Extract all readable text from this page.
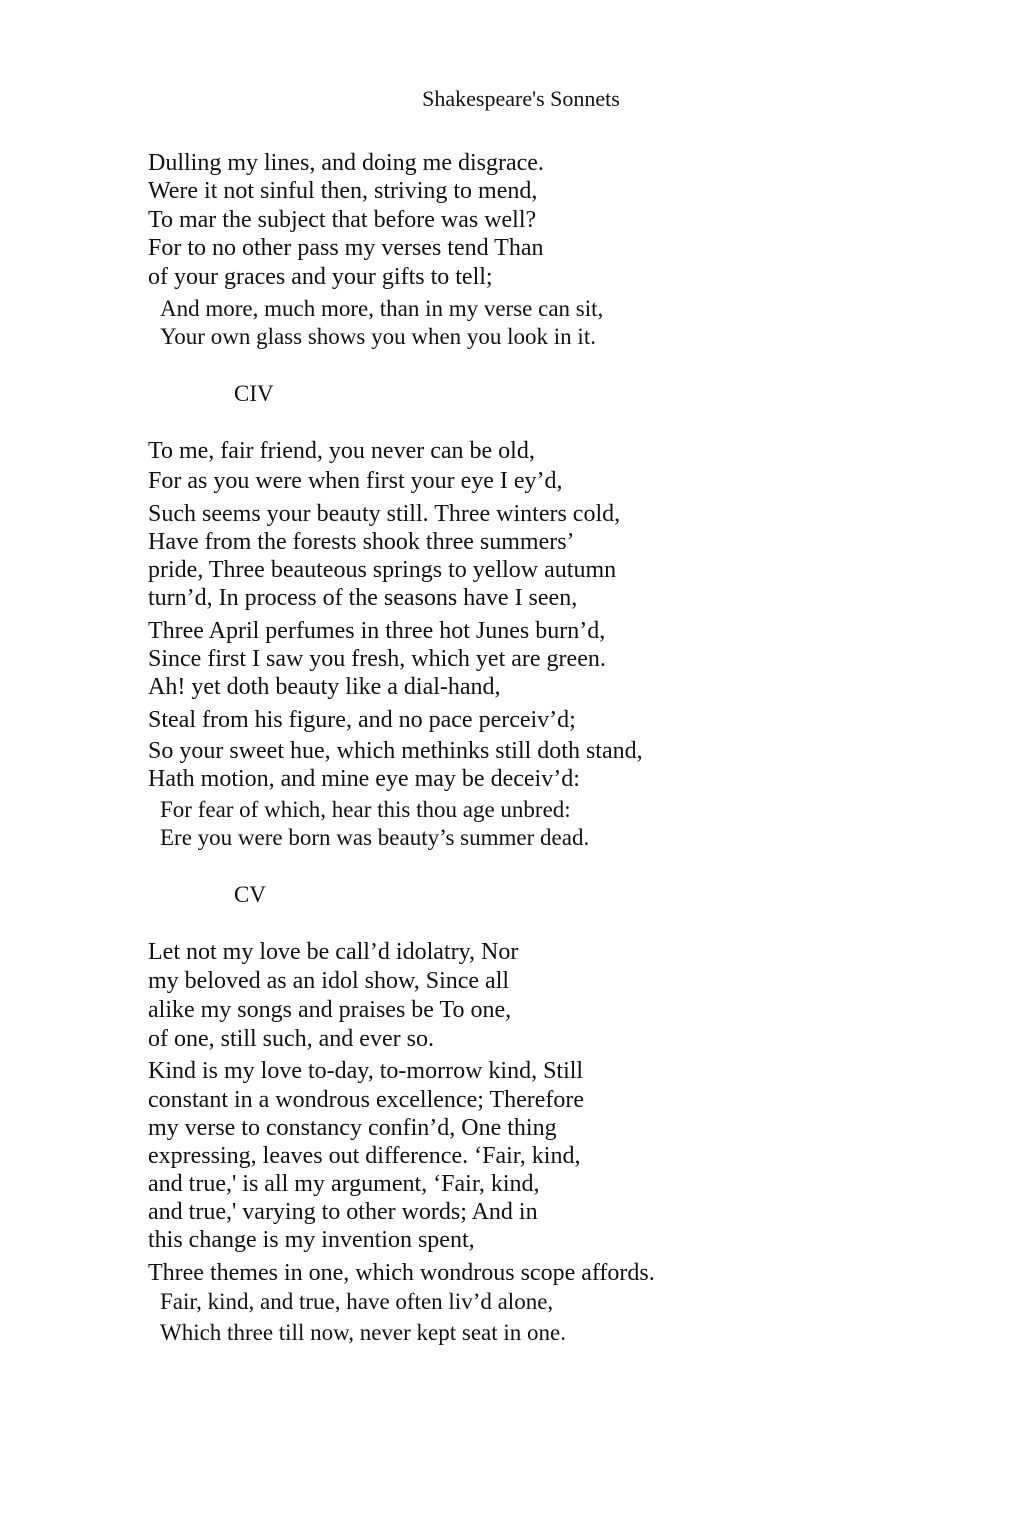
Shakespeare's Sonnets
Dulling my lines, and doing me disgrace.
Were it not sinful then, striving to mend,
To mar the subject that before was well?
For to no other pass my verses tend Than
of your graces and your gifts to tell;
And more, much more, than in my verse can sit,
Your own glass shows you when you look in it.
CIV
To me, fair friend, you never can be old,
For as you were when first your eye I ey’d,
Such seems your beauty still. Three winters cold,
Have from the forests shook three summers’
pride, Three beauteous springs to yellow autumn
turn’d, In process of the seasons have I seen,
Three April perfumes in three hot Junes burn’d,
Since first I saw you fresh, which yet are green.
Ah! yet doth beauty like a dial-hand,
Steal from his figure, and no pace perceiv’d;
So your sweet hue, which methinks still doth stand,
Hath motion, and mine eye may be deceiv’d:
For fear of which, hear this thou age unbred:
Ere you were born was beauty’s summer dead.
CV
Let not my love be call’d idolatry, Nor
my beloved as an idol show, Since all
alike my songs and praises be To one,
of one, still such, and ever so.
Kind is my love to-day, to-morrow kind, Still
constant in a wondrous excellence; Therefore
my verse to constancy confin’d, One thing
expressing, leaves out difference. ‘Fair, kind,
and true,' is all my argument, ‘Fair, kind,
and true,' varying to other words; And in
this change is my invention spent,
Three themes in one, which wondrous scope affords.
Fair, kind, and true, have often liv’d alone,
Which three till now, never kept seat in one.
